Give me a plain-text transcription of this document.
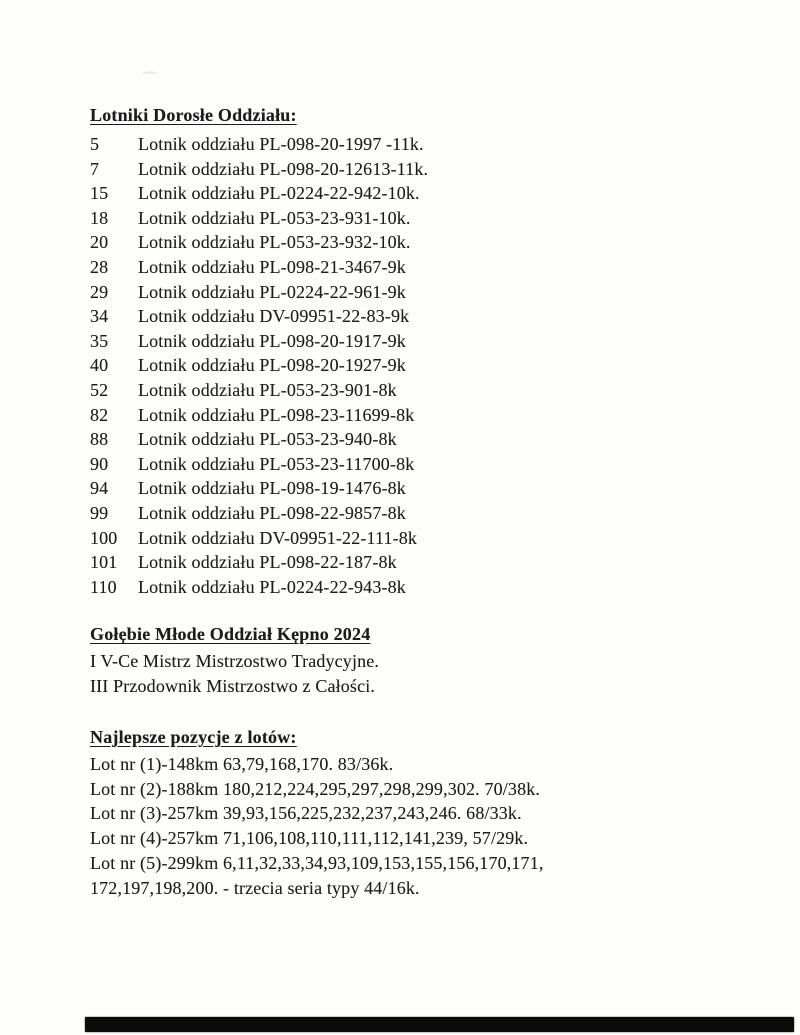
Lotniki Dorosłe Oddziału:
5	Lotnik oddziału PL-098-20-1997 -11k.
7	Lotnik oddziału PL-098-20-12613-11k.
15	Lotnik oddziału PL-0224-22-942-10k.
18	Lotnik oddziału PL-053-23-931-10k.
20	Lotnik oddziału PL-053-23-932-10k.
28	Lotnik oddziału PL-098-21-3467-9k
29	Lotnik oddziału PL-0224-22-961-9k
34	Lotnik oddziału DV-09951-22-83-9k
35	Lotnik oddziału PL-098-20-1917-9k
40	Lotnik oddziału PL-098-20-1927-9k
52	Lotnik oddziału PL-053-23-901-8k
82	Lotnik oddziału PL-098-23-11699-8k
88	Lotnik oddziału PL-053-23-940-8k
90	Lotnik oddziału PL-053-23-11700-8k
94	Lotnik oddziału PL-098-19-1476-8k
99	Lotnik oddziału PL-098-22-9857-8k
100	Lotnik oddziału DV-09951-22-111-8k
101	Lotnik oddziału PL-098-22-187-8k
110	Lotnik oddziału PL-0224-22-943-8k
Gołębie Młode Oddział Kępno 2024
I V-Ce Mistrz Mistrzostwo Tradycyjne.
III Przodownik Mistrzostwo z Całości.
Najlepsze pozycje z lotów:
Lot nr (1)-148km 63,79,168,170. 83/36k.
Lot nr (2)-188km 180,212,224,295,297,298,299,302. 70/38k.
Lot nr (3)-257km 39,93,156,225,232,237,243,246. 68/33k.
Lot nr (4)-257km 71,106,108,110,111,112,141,239, 57/29k.
Lot nr (5)-299km 6,11,32,33,34,93,109,153,155,156,170,171,
172,197,198,200. - trzecia seria typy 44/16k.
